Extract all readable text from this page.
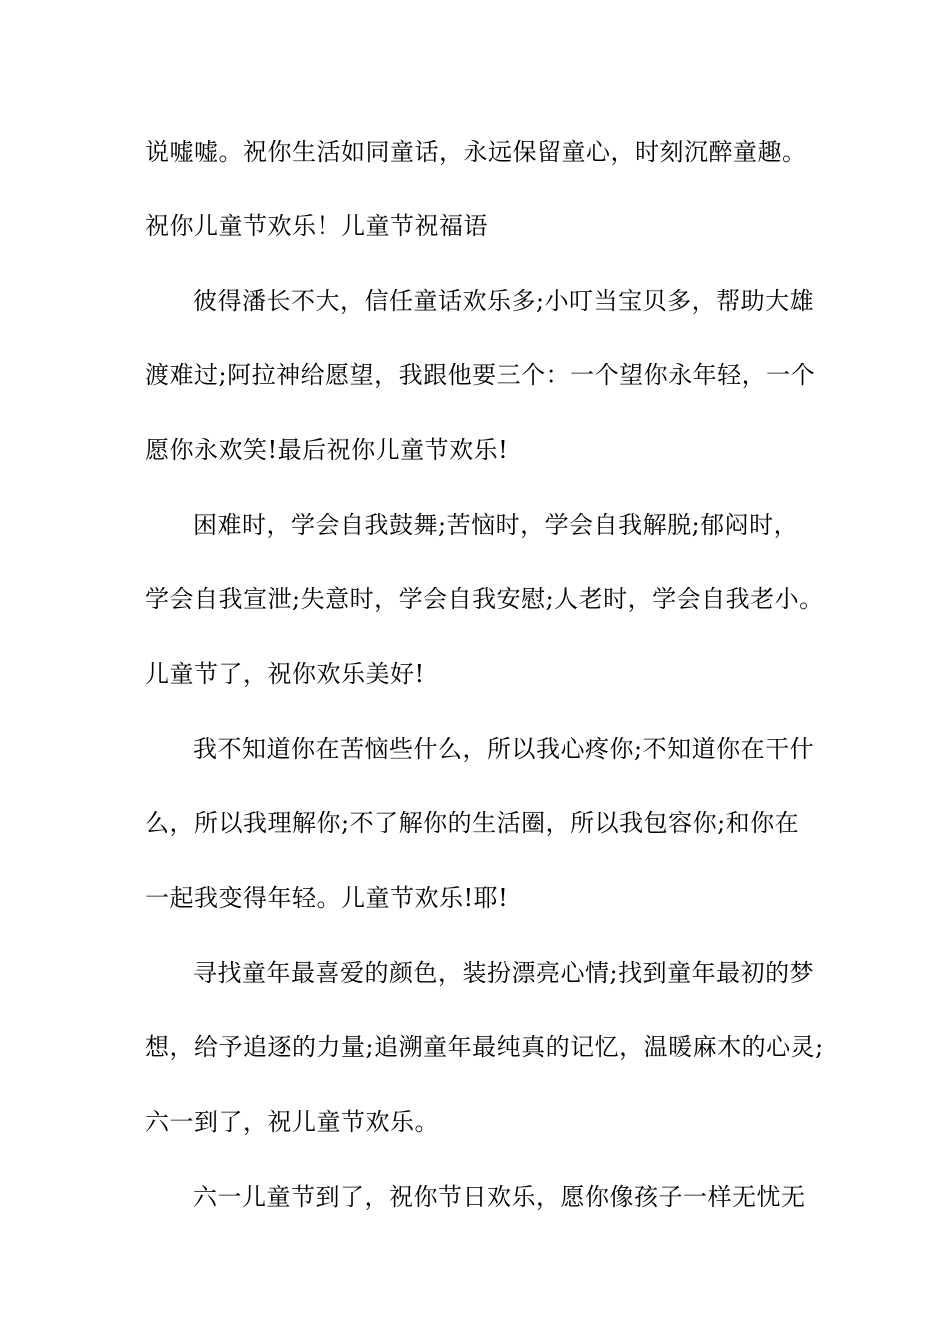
说嘘嘘。祝你生活如同童话，永远保留童心，时刻沉醉童趣。
祝你儿童节欢乐！儿童节祝福语
彼得潘长不大，信任童话欢乐多;小叮当宝贝多，帮助大雄
渡难过;阿拉神给愿望，我跟他要三个：一个望你永年轻，一个
愿你永欢笑!最后祝你儿童节欢乐!
困难时，学会自我鼓舞;苦恼时，学会自我解脱;郁闷时，
学会自我宣泄;失意时，学会自我安慰;人老时，学会自我老小。
儿童节了，祝你欢乐美好!
我不知道你在苦恼些什么，所以我心疼你;不知道你在干什
么，所以我理解你;不了解你的生活圈，所以我包容你;和你在
一起我变得年轻。儿童节欢乐!耶!
寻找童年最喜爱的颜色，装扮漂亮心情;找到童年最初的梦
想，给予追逐的力量;追溯童年最纯真的记忆，温暖麻木的心灵;
六一到了，祝儿童节欢乐。
六一儿童节到了，祝你节日欢乐，愿你像孩子一样无忧无
